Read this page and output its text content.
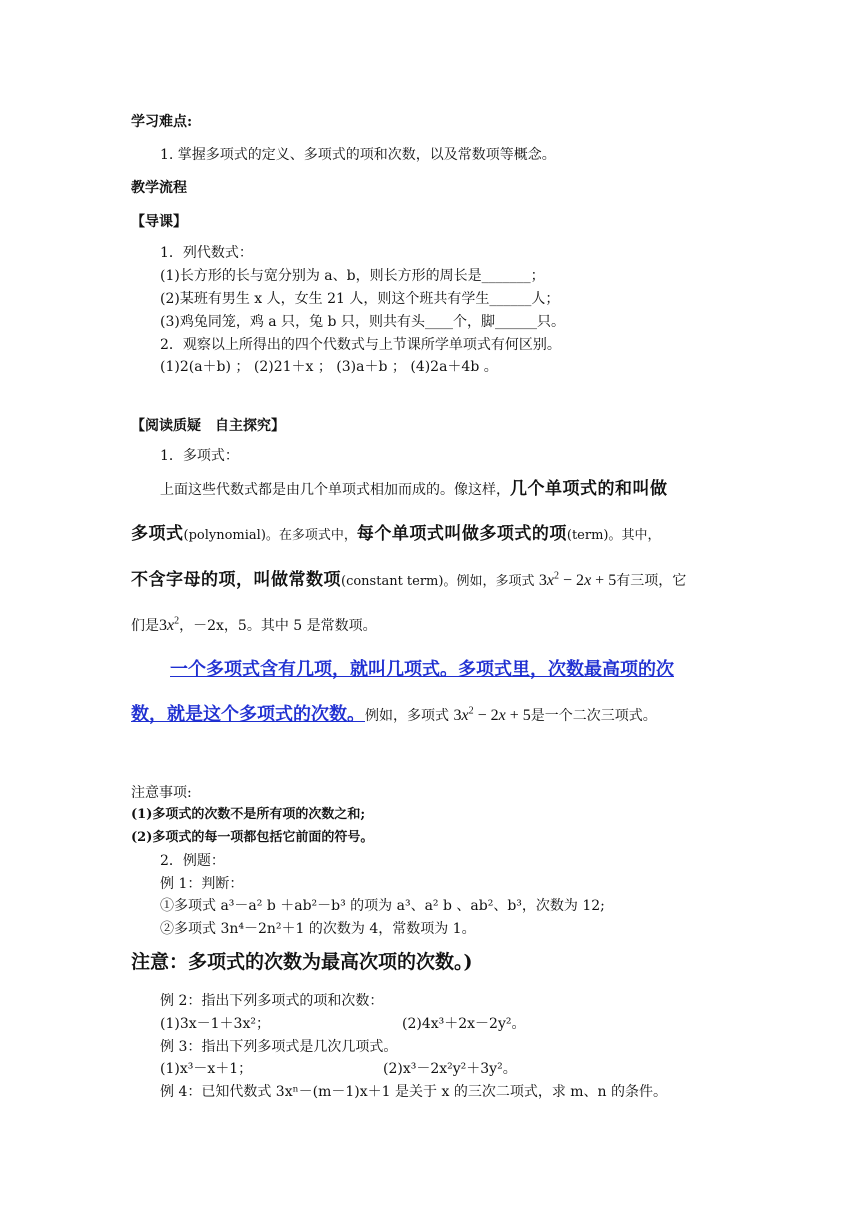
学习难点:
1. 掌握多项式的定义、多项式的项和次数，以及常数项等概念。
教学流程
【导课】
1．列代数式：
(1)长方形的长与宽分别为 a、b，则长方形的周长是_______；
(2)某班有男生 x 人，女生 21 人，则这个班共有学生______人；
(3)鸡兔同笼，鸡 a 只，兔 b 只，则共有头____个，脚______只。
2．观察以上所得出的四个代数式与上节课所学单项式有何区别。
(1)2(a＋b) ； (2)21＋x ； (3)a＋b ； (4)2a＋4b 。
【阅读质疑　自主探究】
1．多项式：
上面这些代数式都是由几个单项式相加而成的。像这样，几个单项式的和叫做
多项式(polynomial)。在多项式中，每个单项式叫做多项式的项(term)。其中，
不含字母的项，叫做常数项(constant term)。例如，多项式 $3x^2 - 2x + 5$有三项，它
们是$3x^2$，－2x，5。其中 5 是常数项。
一个多项式含有几项，就叫几项式。多项式里，次数最高项的次
数，就是这个多项式的次数。例如，多项式 $3x^2 - 2x + 5$是一个二次三项式。
注意事项:
(1)多项式的次数不是所有项的次数之和;
(2)多项式的每一项都包括它前面的符号。
2．例题：
例 1：判断：
①多项式 a³－a² b ＋ab²－b³ 的项为 a³、a² b 、ab²、b³，次数为 12;
②多项式 3n⁴－2n²＋1 的次数为 4，常数项为 1。
注意：多项式的次数为最高次项的次数。)
例 2：指出下列多项式的项和次数：
(1)3x－1＋3x²；	(2)4x³＋2x－2y²。
例 3：指出下列多项式是几次几项式。
(1)x³－x＋1；	(2)x³－2x²y²＋3y²。
例 4：已知代数式 3xⁿ－(m－1)x＋1 是关于 x 的三次二项式，求 m、n 的条件。
